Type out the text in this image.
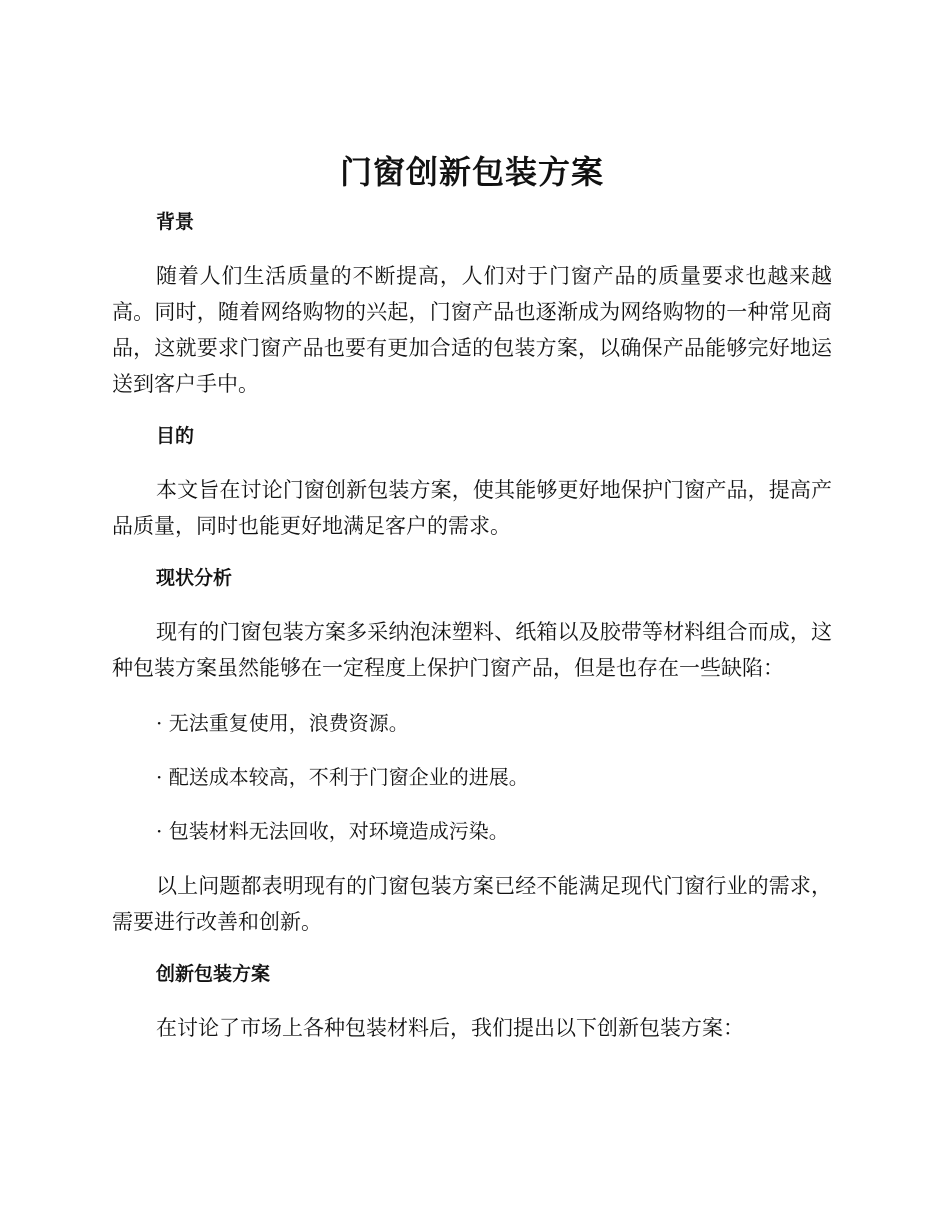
门窗创新包装方案
背景

随着人们生活质量的不断提高，人们对于门窗产品的质量要求也越来越高。同时，随着网络购物的兴起，门窗产品也逐渐成为网络购物的一种常见商品，这就要求门窗产品也要有更加合适的包装方案，以确保产品能够完好地运送到客户手中。

目的

本文旨在讨论门窗创新包装方案，使其能够更好地保护门窗产品，提高产品质量，同时也能更好地满足客户的需求。

现状分析

现有的门窗包装方案多采纳泡沫塑料、纸箱以及胶带等材料组合而成，这种包装方案虽然能够在一定程度上保护门窗产品，但是也存在一些缺陷：

· 无法重复使用，浪费资源。

· 配送成本较高，不利于门窗企业的进展。

· 包装材料无法回收，对环境造成污染。

以上问题都表明现有的门窗包装方案已经不能满足现代门窗行业的需求，需要进行改善和创新。

创新包装方案

在讨论了市场上各种包装材料后，我们提出以下创新包装方案：
